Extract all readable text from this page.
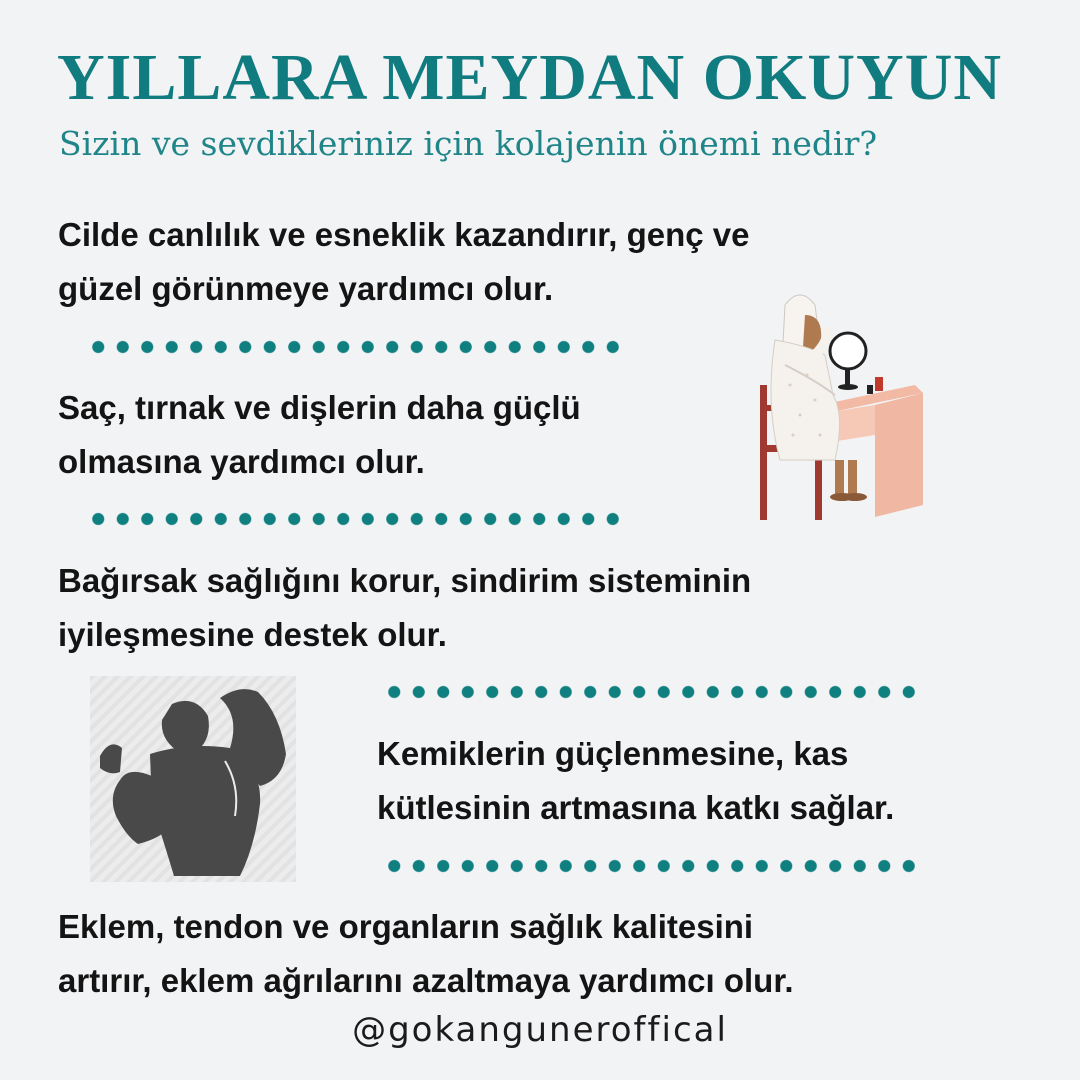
YILLARA MEYDAN OKUYUN

Sizin ve sevdikleriniz için kolajenin önemi nedir?

Cilde canlılık ve esneklik kazandırır, genç ve
güzel görünmeye yardımcı olur.
Saç, tırnak ve dişlerin daha güçlü
olmasına yardımcı olur.
Bağırsak sağlığını korur, sindirim sisteminin
iyileşmesine destek olur.
Kemiklerin güçlenmesine, kas
kütlesinin artmasına katkı sağlar.
Eklem, tendon ve organların sağlık kalitesini
artırır, eklem ağrılarını azaltmaya yardımcı olur.
@gokanguneroffical
